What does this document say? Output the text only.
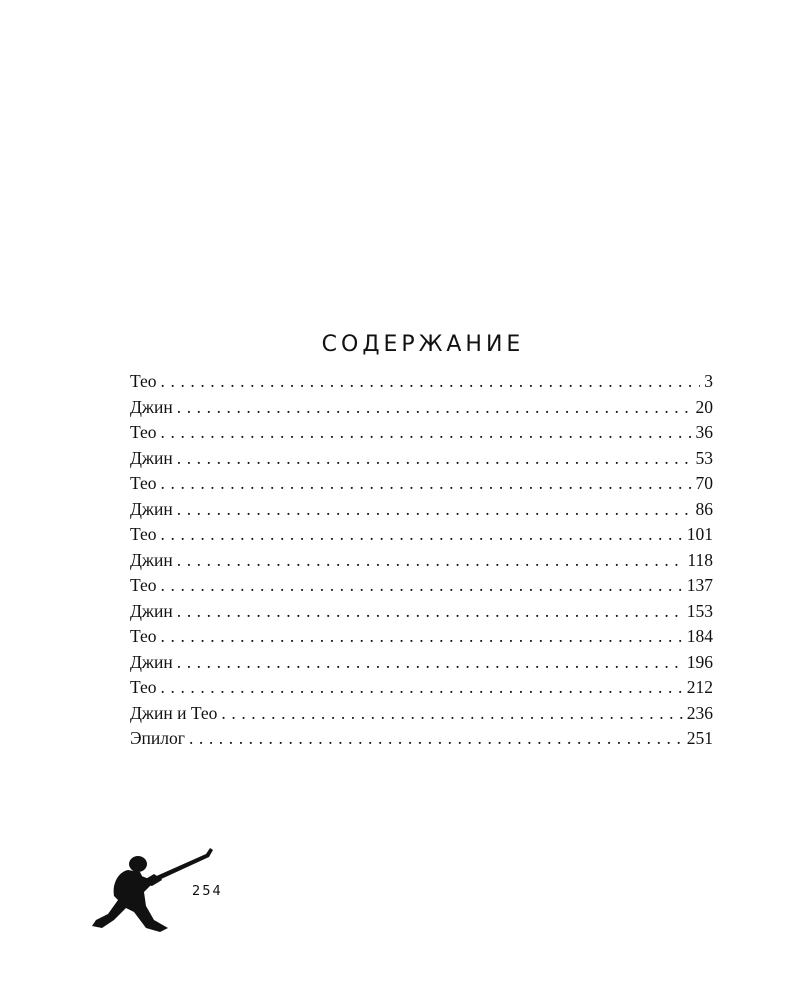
СОДЕРЖАНИЕ
Тео . . .	3
Джин . . .	20
Тео . . .	36
Джин . . .	53
Тео . . .	70
Джин . . .	86
Тео . . .	101
Джин . . .	118
Тео . . .	137
Джин . . .	153
Тео . . .	184
Джин . . .	196
Тео . . .	212
Джин и Тео . . .	236
Эпилог . . .	251
254
